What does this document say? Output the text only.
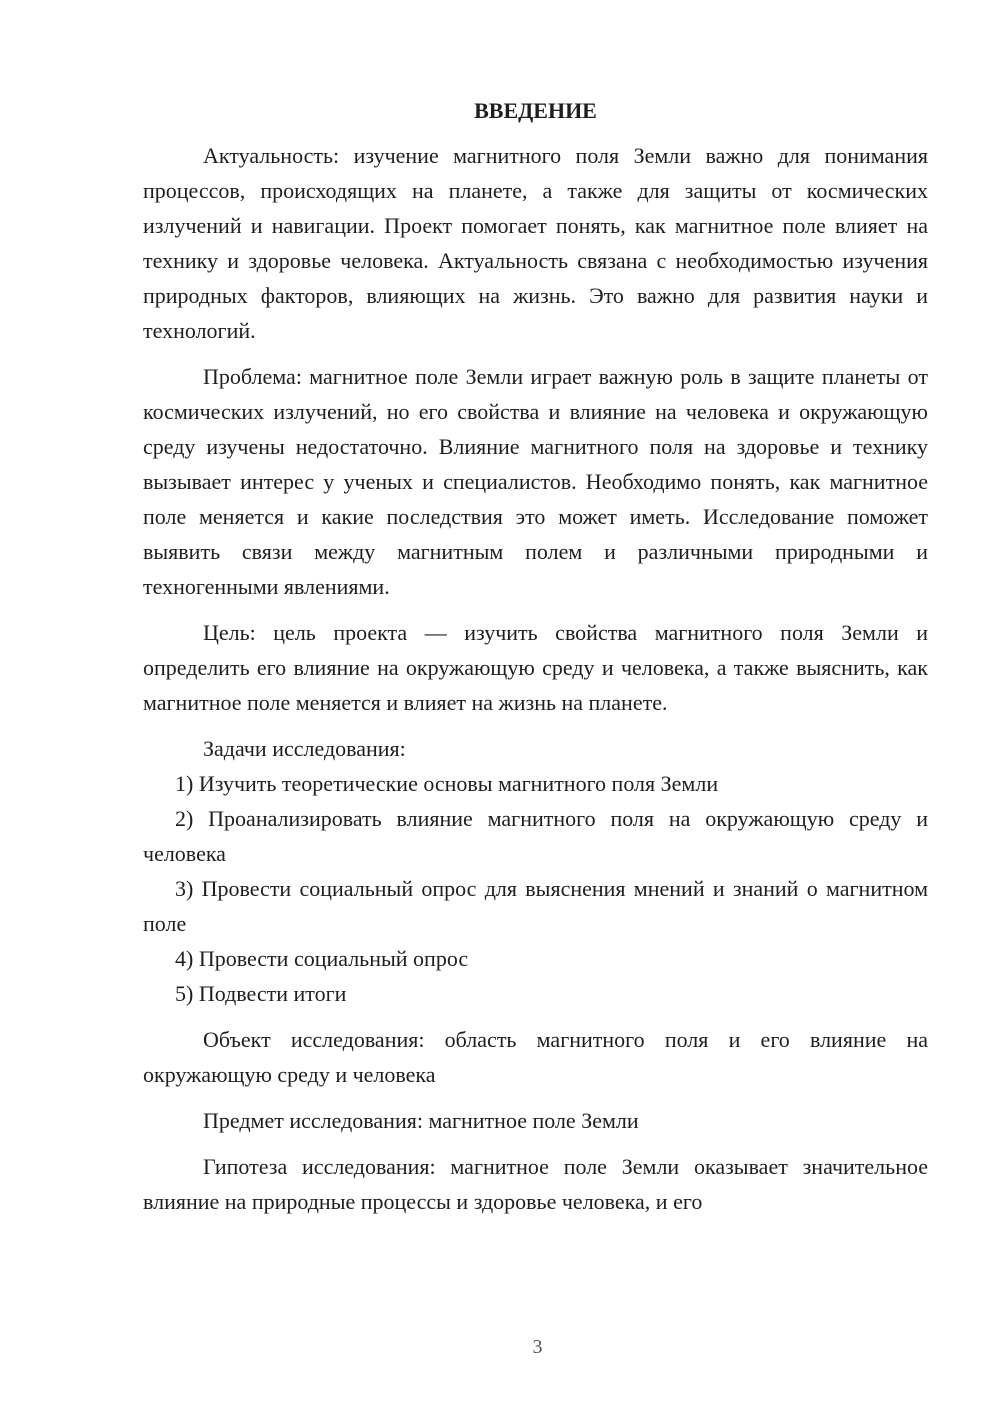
ВВЕДЕНИЕ

Актуальность: изучение магнитного поля Земли важно для понимания процессов, происходящих на планете, а также для защиты от космических излучений и навигации. Проект помогает понять, как магнитное поле влияет на технику и здоровье человека. Актуальность связана с необходимостью изучения природных факторов, влияющих на жизнь. Это важно для развития науки и технологий.

Проблема: магнитное поле Земли играет важную роль в защите планеты от космических излучений, но его свойства и влияние на человека и окружающую среду изучены недостаточно. Влияние магнитного поля на здоровье и технику вызывает интерес у ученых и специалистов. Необходимо понять, как магнитное поле меняется и какие последствия это может иметь. Исследование поможет выявить связи между магнитным полем и различными природными и техногенными явлениями.

Цель: цель проекта — изучить свойства магнитного поля Земли и определить его влияние на окружающую среду и человека, а также выяснить, как магнитное поле меняется и влияет на жизнь на планете.

Задачи исследования:

1) Изучить теоретические основы магнитного поля Земли

2) Проанализировать влияние магнитного поля на окружающую среду и человека

3) Провести социальный опрос для выяснения мнений и знаний о магнитном поле

4) Провести социальный опрос

5) Подвести итоги

Объект исследования: область магнитного поля и его влияние на окружающую среду и человека

Предмет исследования: магнитное поле Земли

Гипотеза исследования: магнитное поле Земли оказывает значительное влияние на природные процессы и здоровье человека, и его

3
